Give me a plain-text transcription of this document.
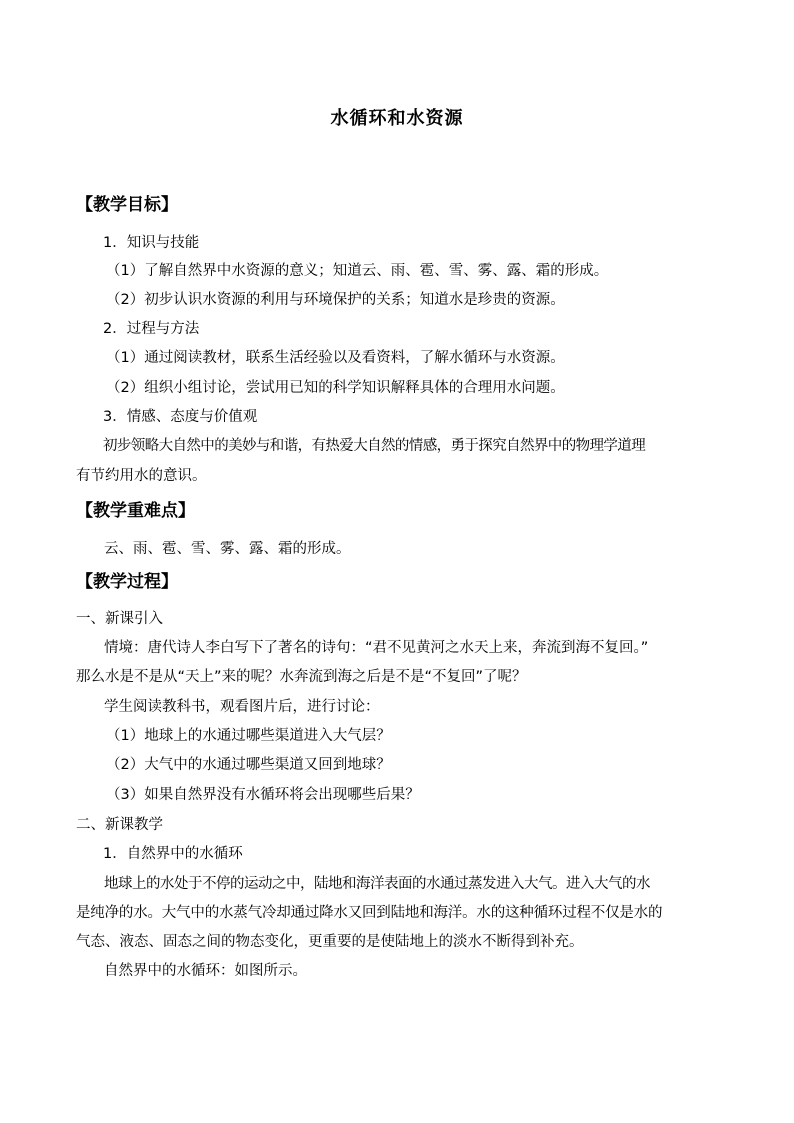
水循环和水资源
【教学目标】
1．知识与技能
（1）了解自然界中水资源的意义；知道云、雨、雹、雪、雾、露、霜的形成。
（2）初步认识水资源的利用与环境保护的关系；知道水是珍贵的资源。
2．过程与方法
（1）通过阅读教材，联系生活经验以及看资料，了解水循环与水资源。
（2）组织小组讨论，尝试用已知的科学知识解释具体的合理用水问题。
3．情感、态度与价值观
初步领略大自然中的美妙与和谐，有热爱大自然的情感，勇于探究自然界中的物理学道理
有节约用水的意识。
【教学重难点】
云、雨、雹、雪、雾、露、霜的形成。
【教学过程】
一、新课引入
情境：唐代诗人李白写下了著名的诗句：“君不见黄河之水天上来，奔流到海不复回。”
那么水是不是从“天上”来的呢？水奔流到海之后是不是“不复回”了呢？
学生阅读教科书，观看图片后，进行讨论：
（1）地球上的水通过哪些渠道进入大气层？
（2）大气中的水通过哪些渠道又回到地球？
（3）如果自然界没有水循环将会出现哪些后果？
二、新课教学
1．自然界中的水循环
地球上的水处于不停的运动之中，陆地和海洋表面的水通过蒸发进入大气。进入大气的水
是纯净的水。大气中的水蒸气冷却通过降水又回到陆地和海洋。水的这种循环过程不仅是水的
气态、液态、固态之间的物态变化，更重要的是使陆地上的淡水不断得到补充。
自然界中的水循环：如图所示。
